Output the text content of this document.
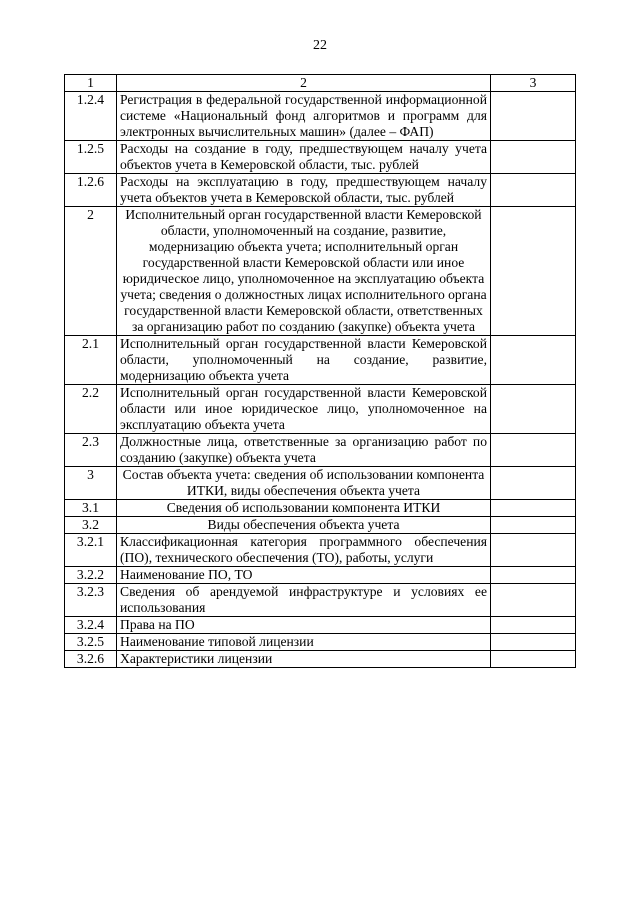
22
1	2	3
1.2.4	Регистрация в федеральной государственной информационной системе «Национальный фонд алгоритмов и программ для электронных вычислительных машин» (далее – ФАП)	
1.2.5	Расходы на создание в году, предшествующем началу учета объектов учета в Кемеровской области, тыс. рублей	
1.2.6	Расходы на эксплуатацию в году, предшествующем началу учета объектов учета в Кемеровской области, тыс. рублей	
2	Исполнительный орган государственной власти Кемеровской области, уполномоченный на создание, развитие, модернизацию объекта учета; исполнительный орган государственной власти Кемеровской области или иное юридическое лицо, уполномоченное на эксплуатацию объекта учета; сведения о должностных лицах исполнительного органа государственной власти Кемеровской области, ответственных за организацию работ по созданию (закупке) объекта учета	
2.1	Исполнительный орган государственной власти Кемеровской области, уполномоченный на создание, развитие, модернизацию объекта учета	
2.2	Исполнительный орган государственной власти Кемеровской области или иное юридическое лицо, уполномоченное на эксплуатацию объекта учета	
2.3	Должностные лица, ответственные за организацию работ по созданию (закупке) объекта учета	
3	Состав объекта учета: сведения об использовании компонента ИТКИ, виды обеспечения объекта учета	
3.1	Сведения об использовании компонента ИТКИ	
3.2	Виды обеспечения объекта учета	
3.2.1	Классификационная категория программного обеспечения (ПО), технического обеспечения (ТО), работы, услуги	
3.2.2	Наименование ПО, ТО	
3.2.3	Сведения об арендуемой инфраструктуре и условиях ее использования	
3.2.4	Права на ПО	
3.2.5	Наименование типовой лицензии	
3.2.6	Характеристики лицензии	
